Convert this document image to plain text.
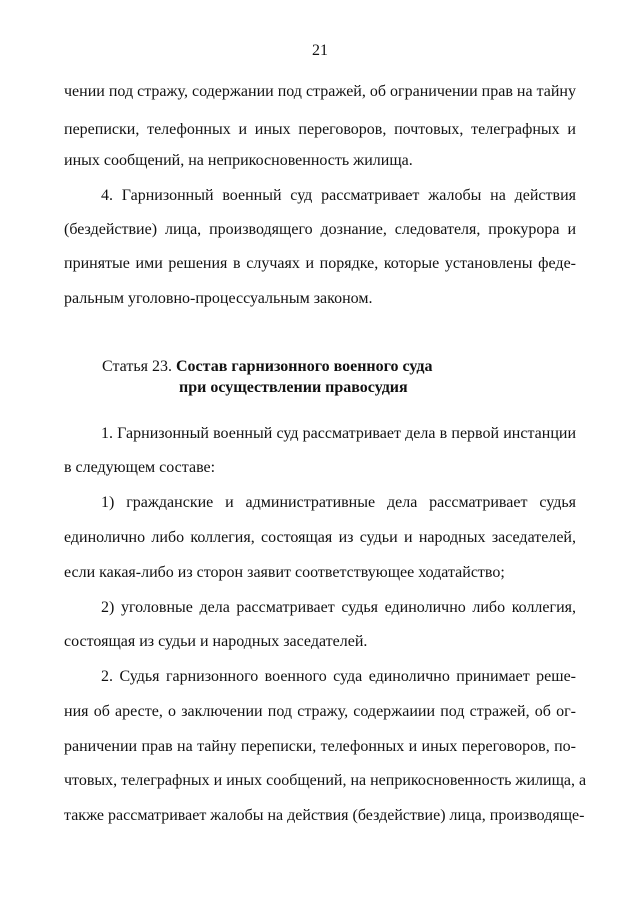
21
чении под стражу, содержании под стражей, об ограничении прав на тайну
переписки, телефонных и иных переговоров, почтовых, телеграфных и
иных сообщений, на неприкосновенность жилища.
4. Гарнизонный военный суд рассматривает жалобы на действия
(бездействие) лица, производящего дознание, следователя, прокурора и
принятые ими решения в случаях и порядке, которые установлены феде-
ральным уголовно-процессуальным законом.
Статья 23. Состав гарнизонного военного суда
при осуществлении правосудия
1. Гарнизонный военный суд рассматривает дела в первой инстанции
в следующем составе:
1) гражданские и административные дела рассматривает судья
единолично либо коллегия, состоящая из судьи и народных заседателей,
если какая-либо из сторон заявит соответствующее ходатайство;
2) уголовные дела рассматривает судья единолично либо коллегия,
состоящая из судьи и народных заседателей.
2. Судья гарнизонного военного суда единолично принимает реше-
ния об аресте, о заключении под стражу, содержаиии под стражей, об ог-
раничении прав на тайну переписки, телефонных и иных переговоров, по-
чтовых, телеграфных и иных сообщений, на неприкосновенность жилища, а
также рассматривает жалобы на действия (бездействие) лица, производяще-
